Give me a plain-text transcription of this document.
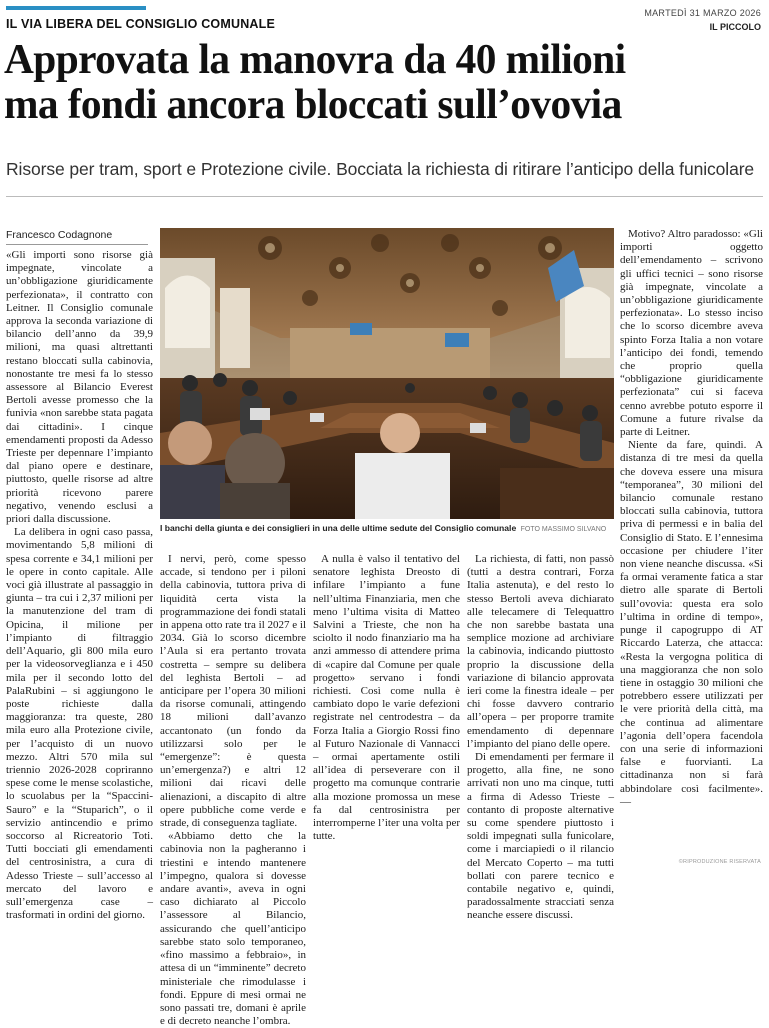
IL VIA LIBERA DEL CONSIGLIO COMUNALE
MARTEDÌ 31 MARZO 2026
IL PICCOLO
Approvata la manovra da 40 milioni
ma fondi ancora bloccati sull’ovovia
Risorse per tram, sport e Protezione civile. Bocciata la richiesta di ritirare l’anticipo della funicolare
Francesco Codagnone

«Gli importi sono risorse già impegnate, vincolate a un’obbligazione giuridicamente perfezionata», il contratto con Leitner. Il Consiglio comunale approva la seconda variazione di bilancio dell’anno da 39,9 milioni, ma quasi altrettanti restano bloccati sulla cabinovia, nonostante tre mesi fa lo stesso assessore al Bilancio Everest Bertoli avesse promesso che la funivia «non sarebbe stata pagata dai cittadini». I cinque emendamenti proposti da Adesso Trieste per depennare l’impianto dal piano opere e destinare, piuttosto, quelle risorse ad altre priorità ricevono parere negativo, venendo esclusi a priori dalla discussione.

La delibera in ogni caso passa, movimentando 5,8 milioni di spesa corrente e 34,1 milioni per le opere in conto capitale. Alle voci già illustrate al passaggio in giunta – tra cui i 2,37 milioni per la manutenzione del tram di Opicina, il milione per l’impianto di filtraggio dell’Aquario, gli 800 mila euro per la videosorveglianza e i 450 mila per il secondo lotto del PalaRubini – si aggiungono le poste richieste dalla maggioranza: tra queste, 280 mila euro alla Protezione civile, per l’acquisto di un nuovo mezzo. Altri 570 mila sul triennio 2026-2028 copriranno spese come le mense scolastiche, lo scuolabus per la “Spaccini-Sauro” e la “Stuparich”, o il servizio antincendio e primo soccorso al Ricreatorio Toti. Tutti bocciati gli emendamenti del centrosinistra, a cura di Adesso Trieste – sull’accesso al mercato del lavoro e sull’emergenza case – trasformati in ordini del giorno.

I banchi della giunta e dei consiglieri in una delle ultime sedute del Consiglio comunale FOTO MASSIMO SILVANO

I nervi, però, come spesso accade, si tendono per i piloni della cabinovia, tuttora priva di liquidità certa vista la programmazione dei fondi statali in appena otto rate tra il 2027 e il 2034. Già lo scorso dicembre l’Aula si era pertanto trovata costretta – sempre su delibera del leghista Bertoli – ad anticipare per l’opera 30 milioni da risorse comunali, attingendo 18 milioni dall’avanzo accantonato (un fondo da utilizzarsi solo per le “emergenze”: è questa un’emergenza?) e altri 12 milioni dai ricavi delle alienazioni, a discapito di altre opere pubbliche come verde e strade, di conseguenza tagliate.

«Abbiamo detto che la cabinovia non la pagheranno i triestini e intendo mantenere l’impegno, qualora si dovesse andare avanti», aveva in ogni caso dichiarato al Piccolo l’assessore al Bilancio, assicurando che quell’anticipo sarebbe stato solo temporaneo, «fino massimo a febbraio», in attesa di un “imminente” decreto ministeriale che rimodulasse i fondi. Eppure di mesi ormai ne sono passati tre, domani è aprile e di decreto neanche l’ombra.

A nulla è valso il tentativo del senatore leghista Dreosto di infilare l’impianto a fune nell’ultima Finanziaria, men che meno l’ultima visita di Matteo Salvini a Trieste, che non ha sciolto il nodo finanziario ma ha anzi ammesso di attendere prima di «capire dal Comune per quale progetto» servano i fondi richiesti. Così come nulla è cambiato dopo le varie defezioni registrate nel centrodestra – da Forza Italia a Giorgio Rossi fino al Futuro Nazionale di Vannacci – ormai apertamente ostili all’idea di perseverare con il progetto ma comunque contrarie alla mozione promossa un mese fa dal centrosinistra per interromperne l’iter una volta per tutte.

La richiesta, di fatti, non passò (tutti a destra contrari, Forza Italia astenuta), e del resto lo stesso Bertoli aveva dichiarato alle telecamere di Telequattro che non sarebbe bastata una semplice mozione ad archiviare la cabinovia, indicando piuttosto proprio la discussione della variazione di bilancio approvata ieri come la finestra ideale – per chi fosse davvero contrario all’opera – per proporre tramite emendamento di depennare l’impianto del piano delle opere.

Di emendamenti per fermare il progetto, alla fine, ne sono arrivati non uno ma cinque, tutti a firma di Adesso Trieste – contanto di proposte alternative su come spendere piuttosto i soldi impegnati sulla funicolare, come i marciapiedi o il rilancio del Mercato Coperto – ma tutti bollati con parere tecnico e contabile negativo e, quindi, paradossalmente stracciati senza neanche essere discussi.

Motivo? Altro paradosso: «Gli importi oggetto dell’emendamento – scrivono gli uffici tecnici – sono risorse già impegnate, vincolate a un’obbligazione giuridicamente perfezionata». Lo stesso inciso che lo scorso dicembre aveva spinto Forza Italia a non votare l’anticipo dei fondi, temendo che proprio quella “obbligazione giuridicamente perfezionata” cui si faceva cenno avrebbe potuto esporre il Comune a future rivalse da parte di Leitner.

Niente da fare, quindi. A distanza di tre mesi da quella che doveva essere una misura “temporanea”, 30 milioni del bilancio comunale restano bloccati sulla cabinovia, tuttora priva di permessi e in balia del Consiglio di Stato. E l’ennesima occasione per chiudere l’iter non viene neanche discussa. «Si fa ormai veramente fatica a star dietro alle sparate di Bertoli sull’ovovia: questa era solo l’ultima in ordine di tempo», punge il capogruppo di AT Riccardo Laterza, che attacca: «Resta la vergogna politica di una maggioranza che non solo tiene in ostaggio 30 milioni che potrebbero essere utilizzati per le vere priorità della città, ma che continua ad alimentare l’agonia dell’opera facendola con una serie di informazioni false e fuorvianti. La cittadinanza non si farà abbindolare così facilmente». —

©RIPRODUZIONE RISERVATA
